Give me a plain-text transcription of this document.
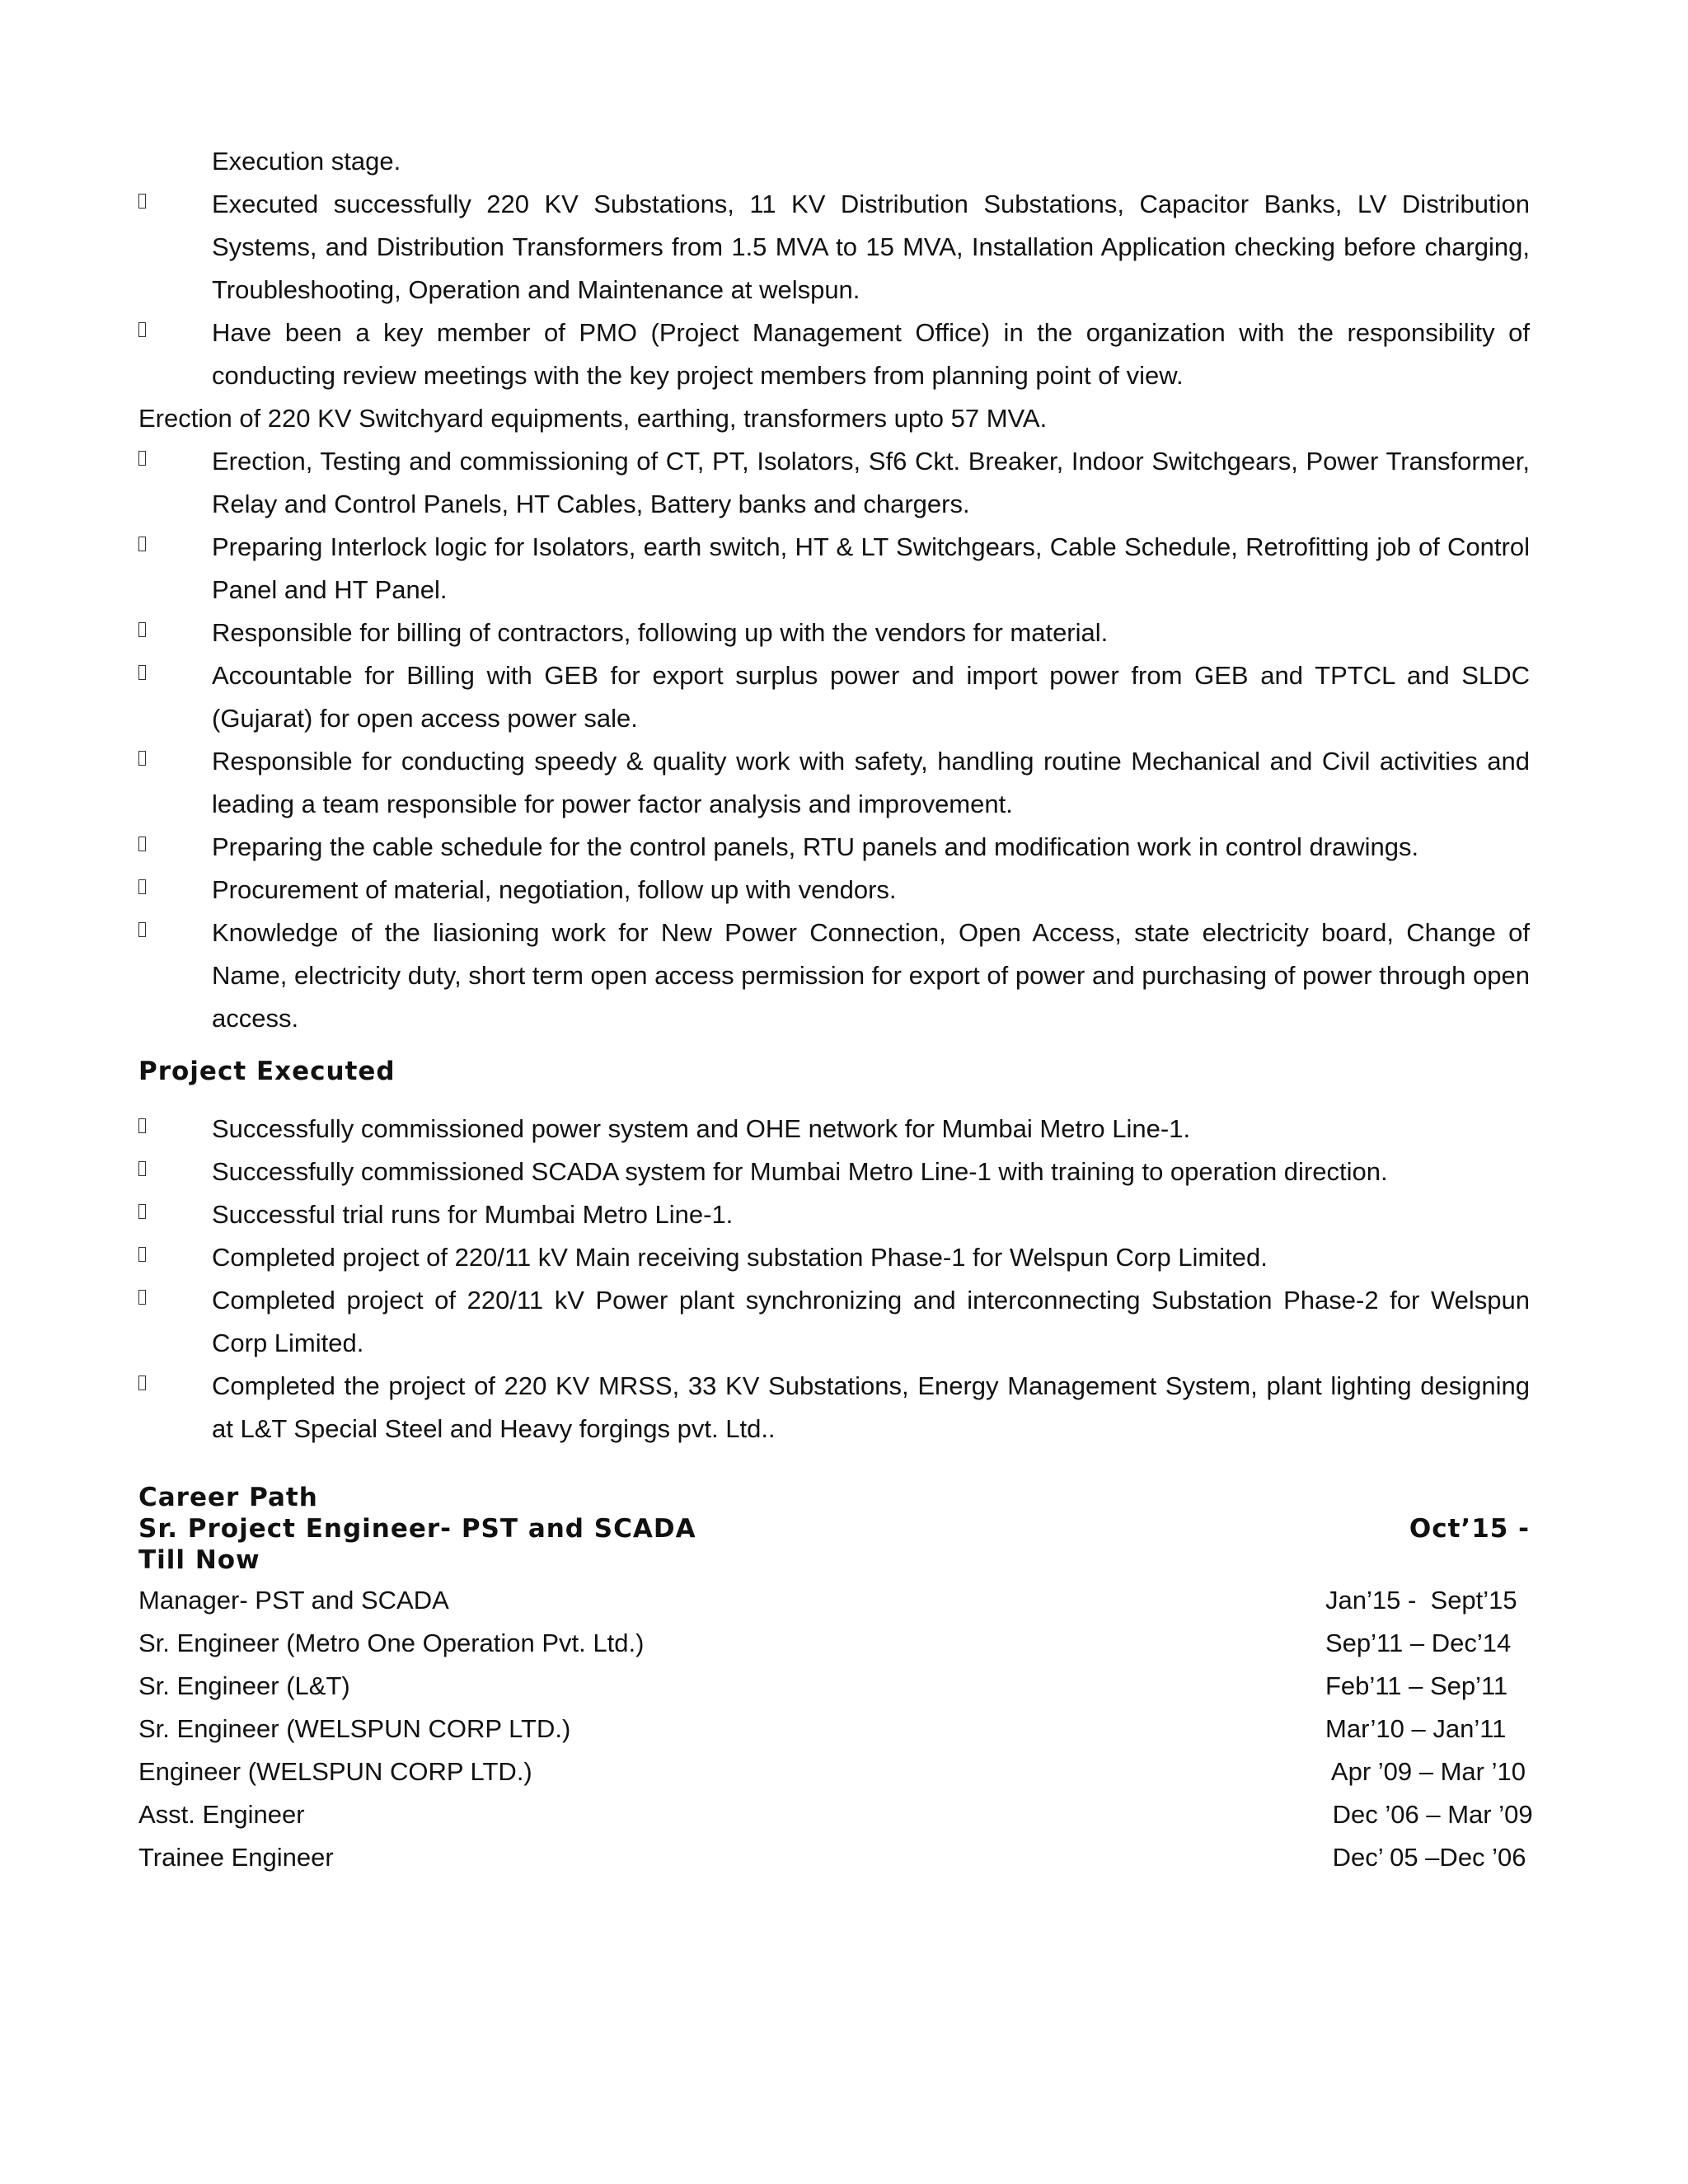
Execution stage.

Executed successfully 220 KV Substations, 11 KV Distribution Substations, Capacitor Banks, LV Distribution Systems, and Distribution Transformers from 1.5 MVA to 15 MVA, Installation Application checking before charging, Troubleshooting, Operation and Maintenance at welspun.
Have been a key member of PMO (Project Management Office) in the organization with the responsibility of conducting review meetings with the key project members from planning point of view.

Erection of 220 KV Switchyard equipments, earthing, transformers upto 57 MVA.

Erection, Testing and commissioning of CT, PT, Isolators, Sf6 Ckt. Breaker, Indoor Switchgears, Power Transformer, Relay and Control Panels, HT Cables, Battery banks and chargers.
Preparing Interlock logic for Isolators, earth switch, HT & LT Switchgears, Cable Schedule, Retrofitting job of Control Panel and HT Panel.
Responsible for billing of contractors, following up with the vendors for material.
Accountable for Billing with GEB for export surplus power and import power from GEB and TPTCL and SLDC (Gujarat) for open access power sale.
Responsible for conducting speedy & quality work with safety, handling routine Mechanical and Civil activities and leading a team responsible for power factor analysis and improvement.
Preparing the cable schedule for the control panels, RTU panels and modification work in control drawings.
Procurement of material, negotiation, follow up with vendors.
Knowledge of the liasioning work for New Power Connection, Open Access, state electricity board, Change of Name, electricity duty, short term open access permission for export of power and purchasing of power through open access.
Project Executed
Successfully commissioned power system and OHE network for Mumbai Metro Line-1.
Successfully commissioned SCADA system for Mumbai Metro Line-1 with training to operation direction.
Successful trial runs for Mumbai Metro Line-1.
Completed project of 220/11 kV Main receiving substation Phase-1 for Welspun Corp Limited.
Completed project of 220/11 kV Power plant synchronizing and interconnecting Substation Phase-2 for Welspun Corp Limited.
Completed the project of 220 KV MRSS, 33 KV Substations, Energy Management System, plant lighting designing at L&T Special Steel and Heavy forgings pvt. Ltd..
Career Path
Sr. Project Engineer- PST and SCADA	Oct’15 -
Till Now
Manager- PST and SCADA	Jan’15 -  Sept’15
Sr. Engineer (Metro One Operation Pvt. Ltd.)	Sep’11 – Dec’14
Sr. Engineer (L&T)	Feb’11 – Sep’11
Sr. Engineer (WELSPUN CORP LTD.)	Mar’10 – Jan’11
Engineer (WELSPUN CORP LTD.)	Apr ’09 – Mar ’10
Asst. Engineer	Dec ’06 – Mar ’09
Trainee Engineer	Dec’ 05 –Dec ’06
